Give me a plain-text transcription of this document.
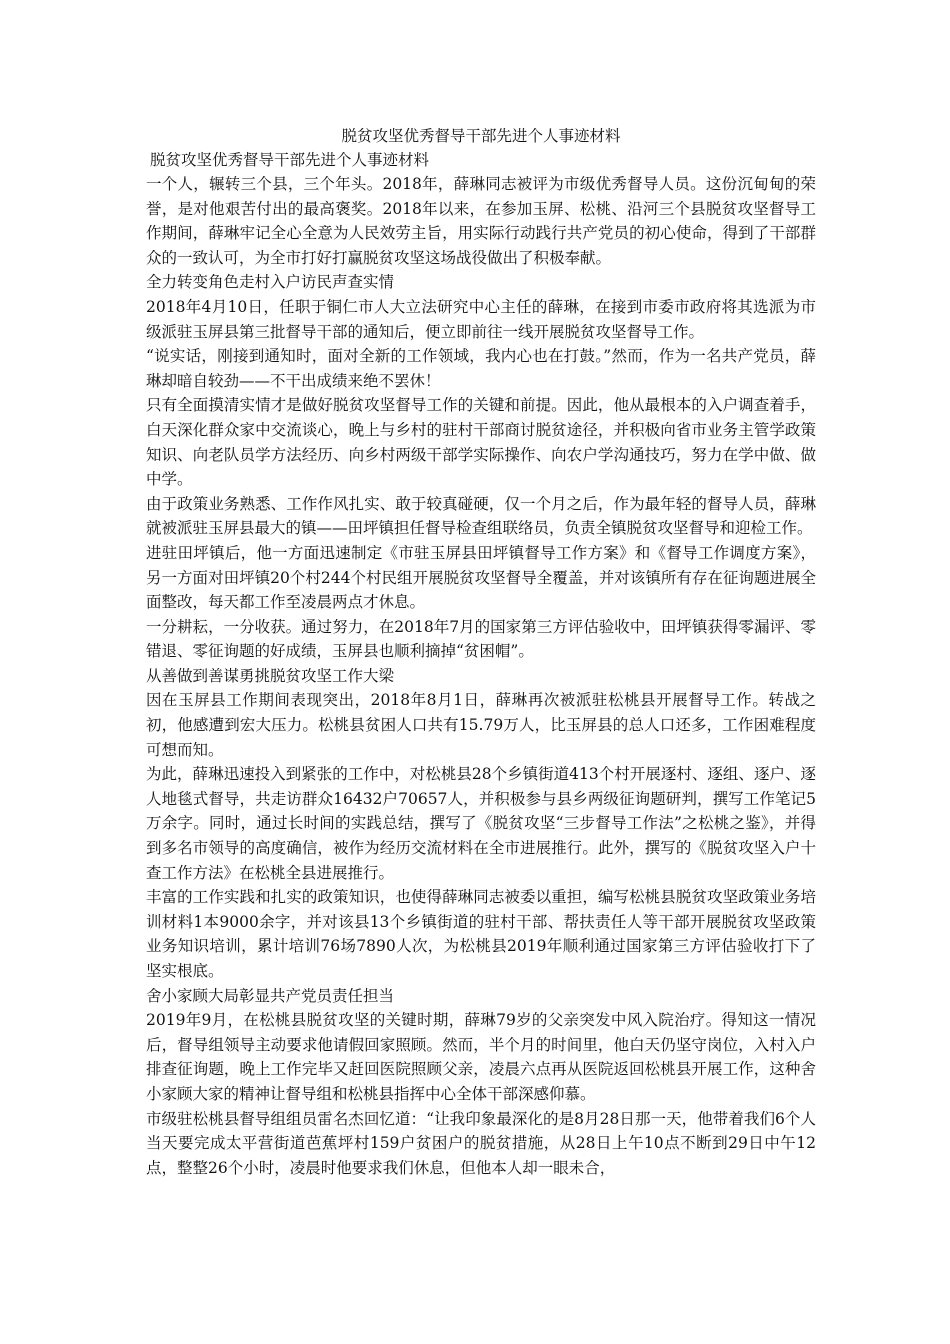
脱贫攻坚优秀督导干部先进个人事迹材料
脱贫攻坚优秀督导干部先进个人事迹材料

一个人，辗转三个县，三个年头。2018年，薛琳同志被评为市级优秀督导人员。这份沉甸甸的荣誉，是对他艰苦付出的最高褒奖。2018年以来，在参加玉屏、松桃、沿河三个县脱贫攻坚督导工作期间，薛琳牢记全心全意为人民效劳主旨，用实际行动践行共产党员的初心使命，得到了干部群众的一致认可，为全市打好打赢脱贫攻坚这场战役做出了积极奉献。

全力转变角色走村入户访民声查实情

2018年4月10日，任职于铜仁市人大立法研究中心主任的薛琳，在接到市委市政府将其选派为市级派驻玉屏县第三批督导干部的通知后，便立即前往一线开展脱贫攻坚督导工作。

“说实话，刚接到通知时，面对全新的工作领域，我内心也在打鼓。”然而，作为一名共产党员，薛琳却暗自较劲——不干出成绩来绝不罢休！

只有全面摸清实情才是做好脱贫攻坚督导工作的关键和前提。因此，他从最根本的入户调查着手，白天深化群众家中交流谈心，晚上与乡村的驻村干部商讨脱贫途径，并积极向省市业务主管学政策知识、向老队员学方法经历、向乡村两级干部学实际操作、向农户学沟通技巧，努力在学中做、做中学。

由于政策业务熟悉、工作作风扎实、敢于较真碰硬，仅一个月之后，作为最年轻的督导人员，薛琳就被派驻玉屏县最大的镇——田坪镇担任督导检查组联络员，负责全镇脱贫攻坚督导和迎检工作。

进驻田坪镇后，他一方面迅速制定《市驻玉屏县田坪镇督导工作方案》和《督导工作调度方案》，另一方面对田坪镇20个村244个村民组开展脱贫攻坚督导全覆盖，并对该镇所有存在征询题进展全面整改，每天都工作至凌晨两点才休息。

一分耕耘，一分收获。通过努力，在2018年7月的国家第三方评估验收中，田坪镇获得零漏评、零错退、零征询题的好成绩，玉屏县也顺利摘掉“贫困帽”。

从善做到善谋勇挑脱贫攻坚工作大梁

因在玉屏县工作期间表现突出，2018年8月1日，薛琳再次被派驻松桃县开展督导工作。转战之初，他感遭到宏大压力。松桃县贫困人口共有15.79万人，比玉屏县的总人口还多，工作困难程度可想而知。

为此，薛琳迅速投入到紧张的工作中，对松桃县28个乡镇街道413个村开展逐村、逐组、逐户、逐人地毯式督导，共走访群众16432户70657人，并积极参与县乡两级征询题研判，撰写工作笔记5万余字。同时，通过长时间的实践总结，撰写了《脱贫攻坚“三步督导工作法”之松桃之鉴》，并得到多名市领导的高度确信，被作为经历交流材料在全市进展推行。此外，撰写的《脱贫攻坚入户十查工作方法》在松桃全县进展推行。

丰富的工作实践和扎实的政策知识，也使得薛琳同志被委以重担，编写松桃县脱贫攻坚政策业务培训材料1本9000余字，并对该县13个乡镇街道的驻村干部、帮扶责任人等干部开展脱贫攻坚政策业务知识培训，累计培训76场7890人次，为松桃县2019年顺利通过国家第三方评估验收打下了坚实根底。

舍小家顾大局彰显共产党员责任担当

2019年9月，在松桃县脱贫攻坚的关键时期，薛琳79岁的父亲突发中风入院治疗。得知这一情况后，督导组领导主动要求他请假回家照顾。然而，半个月的时间里，他白天仍坚守岗位，入村入户排查征询题，晚上工作完毕又赶回医院照顾父亲，凌晨六点再从医院返回松桃县开展工作，这种舍小家顾大家的精神让督导组和松桃县指挥中心全体干部深感仰慕。

市级驻松桃县督导组组员雷名杰回忆道：“让我印象最深化的是8月28日那一天，他带着我们6个人当天要完成太平营街道芭蕉坪村159户贫困户的脱贫措施，从28日上午10点不断到29日中午12点，整整26个小时，凌晨时他要求我们休息，但他本人却一眼未合，
